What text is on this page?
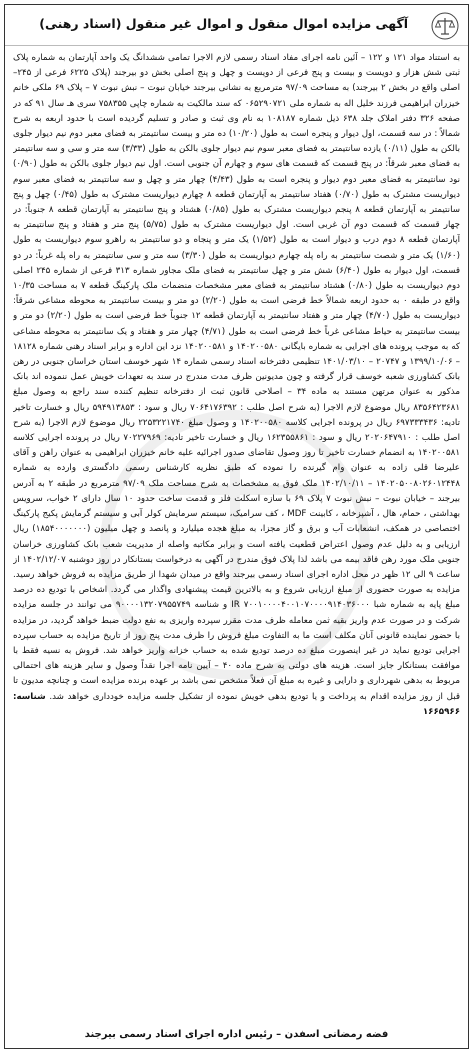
آگهی مزایده اموال منقول و اموال غیر منقول (اسناد رهنی)
به استناد مواد ۱۲۱ و ۱۲۲ – آئین نامه اجرای مفاد اسناد رسمی لازم الاجرا تمامی ششدانگ یک واحد آپارتمان به شماره پلاک ثبتی شش هزار و دویست و بیست و پنج فرعی از دویست و چهل و پنج اصلی بخش دو بیرجند (پلاک ۶۲۲۵ فرعی از ۲۴۵– اصلی واقع در بخش ۲ بیرجند) به مساحت ۹۷/۰۹ مترمربع به نشانی بیرجند خیابان نبوت – نبش نبوت ۷ – پلاک ۶۹ ملکی خانم خیزران ابراهیمی فرزند خلیل اله به شماره ملی ۰۶۵۲۹۰۷۲۱ که سند مالکیت به شماره چاپی ۷۵۸۳۵۵ سری هـ سال ۹۱ که در صفحه ۳۲۶ دفتر املاک جلد ۶۳۸ ذیل شماره ۱۰۸۱۸۷ به نام وی ثبت و صادر و تسلیم گردیده است با حدود اربعه به شرح شمالاً : در سه قسمت، اول دیوار و پنجره است به طول (۱۰/۲۰) ده متر و بیست سانتیمتر به فضای معبر دوم نیم دیوار جلوی بالکن به طول (۰/۱۱) یازده سانتیمتر به فضای معبر سوم نیم دیوار جلوی بالکن به طول (۳/۳۳) سه متر و سی و سه سانتیمتر به فضای معبر شرقاً: در پنج قسمت که قسمت های سوم و چهارم آن جنوبی است. اول نیم دیوار جلوی بالکن به طول (۰/۹۰) نود سانتیمتر به فضای معبر دوم دیوار و پنجره است به طول (۴/۴۳) چهار متر و چهل و سه سانتیمتر به فضای معبر سوم دیواریست مشترک به طول (۰/۷۰) هفتاد سانتیمتر به آپارتمان قطعه ۸ چهارم دیواریست مشترک به طول (۰/۴۵) چهل و پنج سانتیمتر به آپارتمان قطعه ۸ پنجم دیواریست مشترک به طول (۰/۸۵) هشتاد و پنج سانتیمتر به آپارتمان قطعه ۸ جنوباً: در چهار قسمت که قسمت دوم آن غربی است. اول دیواریست مشترک به طول (۵/۷۵) پنج متر و هفتاد و پنج سانتیمتر به آپارتمان قطعه ۸ دوم درب و دیوار است به طول (۱/۵۲) یک متر و پنجاه و دو سانتیمتر به راهرو سوم دیواریست به طول (۱/۶۰) یک متر و شصت سانتیمتر به راه پله چهارم دیواریست به طول (۳/۳۰) سه متر و سی سانتیمتر به راه پله غرباً: در دو قسمت، اول دیوار به طول (۶/۴۰) شش متر و چهل سانتیمتر به فضای ملک مجاور شماره ۳۱۳ فرعی از شماره ۲۴۵ اصلی دوم دیواریست به طول (۰/۸۰) هشتاد سانتیمتر به فضای معبر مشخصات منضمات ملک پارکینگ قطعه ۷ به مساحت ۱۰/۳۵ واقع در طبقه ۰ به حدود اربعه شمالاً خط فرضی است به طول (۲/۲۰) دو متر و بیست سانتیمتر به محوطه مشاعی شرقاً: دیواریست به طول (۴/۷۰) چهار متر و هفتاد سانتیمتر به آپارتمان قطعه ۱۲ جنوباً خط فرضی است به طول (۲/۲۰) دو متر و بیست سانتیمتر به حیاط مشاعی غرباً خط فرضی است به طول (۴/۷۱) چهار متر و هفتاد و یک سانتیمتر به محوطه مشاعی که به موجب پرونده های اجرایی به شماره بایگانی ۱۴۰۲۰۰۵۸۰ و ۱۴۰۲۰۰۵۸۱ نزد این اداره و برابر اسناد رهنی شماره ۱۸۱۲۸ – ۱۳۹۹/۱۰/۰۶ و ۲۰۷۴۷ – ۱۴۰۱/۰۳/۱۰ تنظیمی دفترخانه اسناد رسمی شماره ۱۴ شهر خوسف استان خراسان جنوبی در رهن بانک کشاورزی شعبه خوسف قرار گرفته و چون مدیونین ظرف مدت مندرج در سند به تعهدات خویش عمل ننموده اند بانک مذکور به عنوان مرتهن مستند به ماده ۳۴ – اصلاحی قانون ثبت از دفترخانه تنظیم کننده سند راجع به وصول مبلغ ۸۳۵۶۴۲۳۶۸۱ ریال موضوع لازم الاجرا (به شرح اصل طلب : ۷۰۶۴۱۷۶۳۹۲ ریال و سود : ۵۹۴۹۱۳۸۵۳ ریال و خسارت تاخیر تادیه: ۶۹۷۳۳۳۴۳۶ ریال در پرونده اجرایی کلاسه ۱۴۰۲۰۰۵۸۰ و وصول مبلغ ۲۲۵۳۲۲۱۷۴۰ ریال موضوع لازم الاجرا (به شرح اصل طلب : ۲۰۲۰۶۴۷۹۱۰ ریال و سود : ۱۶۲۳۵۵۸۶۱ ریال و خسارت تاخیر تادیه: ۷۰۲۲۷۹۶۹ ریال در پرونده اجرایی کلاسه ۱۴۰۲۰۰۵۸۱ به انضمام خسارت تاخیر تا روز وصول تقاضای صدور اجرائیه علیه خانم خیزران ابراهیمی به عنوان راهن و آقای علیرضا قلی زاده به عنوان وام گیرنده را نموده که طبق نظریه کارشناس رسمی دادگستری وارده به شماره ۱۴۰۲۰۵۰۰۸۰۲۶۰۱۲۴۴۸ – ۱۴۰۲/۱۰/۱۱ ملک فوق به مشخصات به شرح مساحت ملک ۹۷/۰۹ مترمربع در طبقه ۲ به آدرس بیرجند – خیابان نبوت – نبش نبوت ۷ پلاک ۶۹ با سازه اسکلت فلز و قدمت ساخت حدود ۱۰ سال دارای ۲ خواب، سرویس بهداشتی ، حمام، هال ، آشپزخانه ، کابینت MDF ، کف سرامیک، سیستم سرمایش کولر آبی و سیستم گرمایش پکیج پارکینگ اختصاصی در همکف، انشعابات آب و برق و گاز مجزا، به مبلغ هجده میلیارد و پانصد و چهل میلیون (۱۸۵۴۰۰۰۰۰۰۰) ریال ارزیابی و به دلیل عدم وصول اعتراض قطعیت یافته است و برابر مکاتبه واصله از مدیریت شعب بانک کشاورزی خراسان جنوبی ملک مورد رهن فاقد بیمه می باشد لذا پلاک فوق مندرج در آگهی به درخواست بستانکار در روز دوشنبه ۱۴۰۲/۱۲/۰۷ از ساعت ۹ الی ۱۲ ظهر در محل اداره اجرای اسناد رسمی بیرجند واقع در میدان شهدا از طریق مزایده به فروش خواهد رسید. مزایده به صورت حضوری از مبلغ ارزیابی شروع و به بالاترین قیمت پیشنهادی واگذار می گردد. اشخاص با تودیع ده درصد مبلغ پایه به شماره شبا IR ۷۰۰۱۰۰۰۰۴۰۰۱۰۷۰۰۰۰۹۱۴۰۳۶۰۰۰ و شناسه ۹۰۰۰۰۱۳۲۰۷۹۵۵۷۴۹ می توانند در جلسه مزایده شرکت و در صورت عدم واریز بقیه ثمن معامله ظرف مدت مقرر سپرده واریزی به نفع دولت ضبط خواهد گردید، در مزایده با حضور نماینده قانونی آنان مکلف است ما به التفاوت مبلغ فروش را ظرف مدت پنج روز از تاریخ مزایده به حساب سپرده اجرایی تودیع نماید در غیر اینصورت مبلغ ده درصد تودیع شده به حساب خزانه واریز خواهد شد. فروش به نسیه فقط با موافقت بستانکار جایز است. هزینه های دولتی به شرح ماده ۴۰ – آیین نامه اجرا نقداً وصول و سایر هزینه های احتمالی مربوط به بدهی شهرداری و دارایی و غیره به مبلغ آن فعلاً مشخص نمی باشد بر عهده برنده مزایده است و چنانچه مدیون تا قبل از روز مزایده اقدام به پرداخت و یا تودیع بدهی خویش نموده از تشکیل جلسه مزایده خودداری خواهد شد. شناسه: ۱۶۶۵۹۶۶
فضه رمضانی اسفدن – رئیس اداره اجرای اسناد رسمی بیرجند
